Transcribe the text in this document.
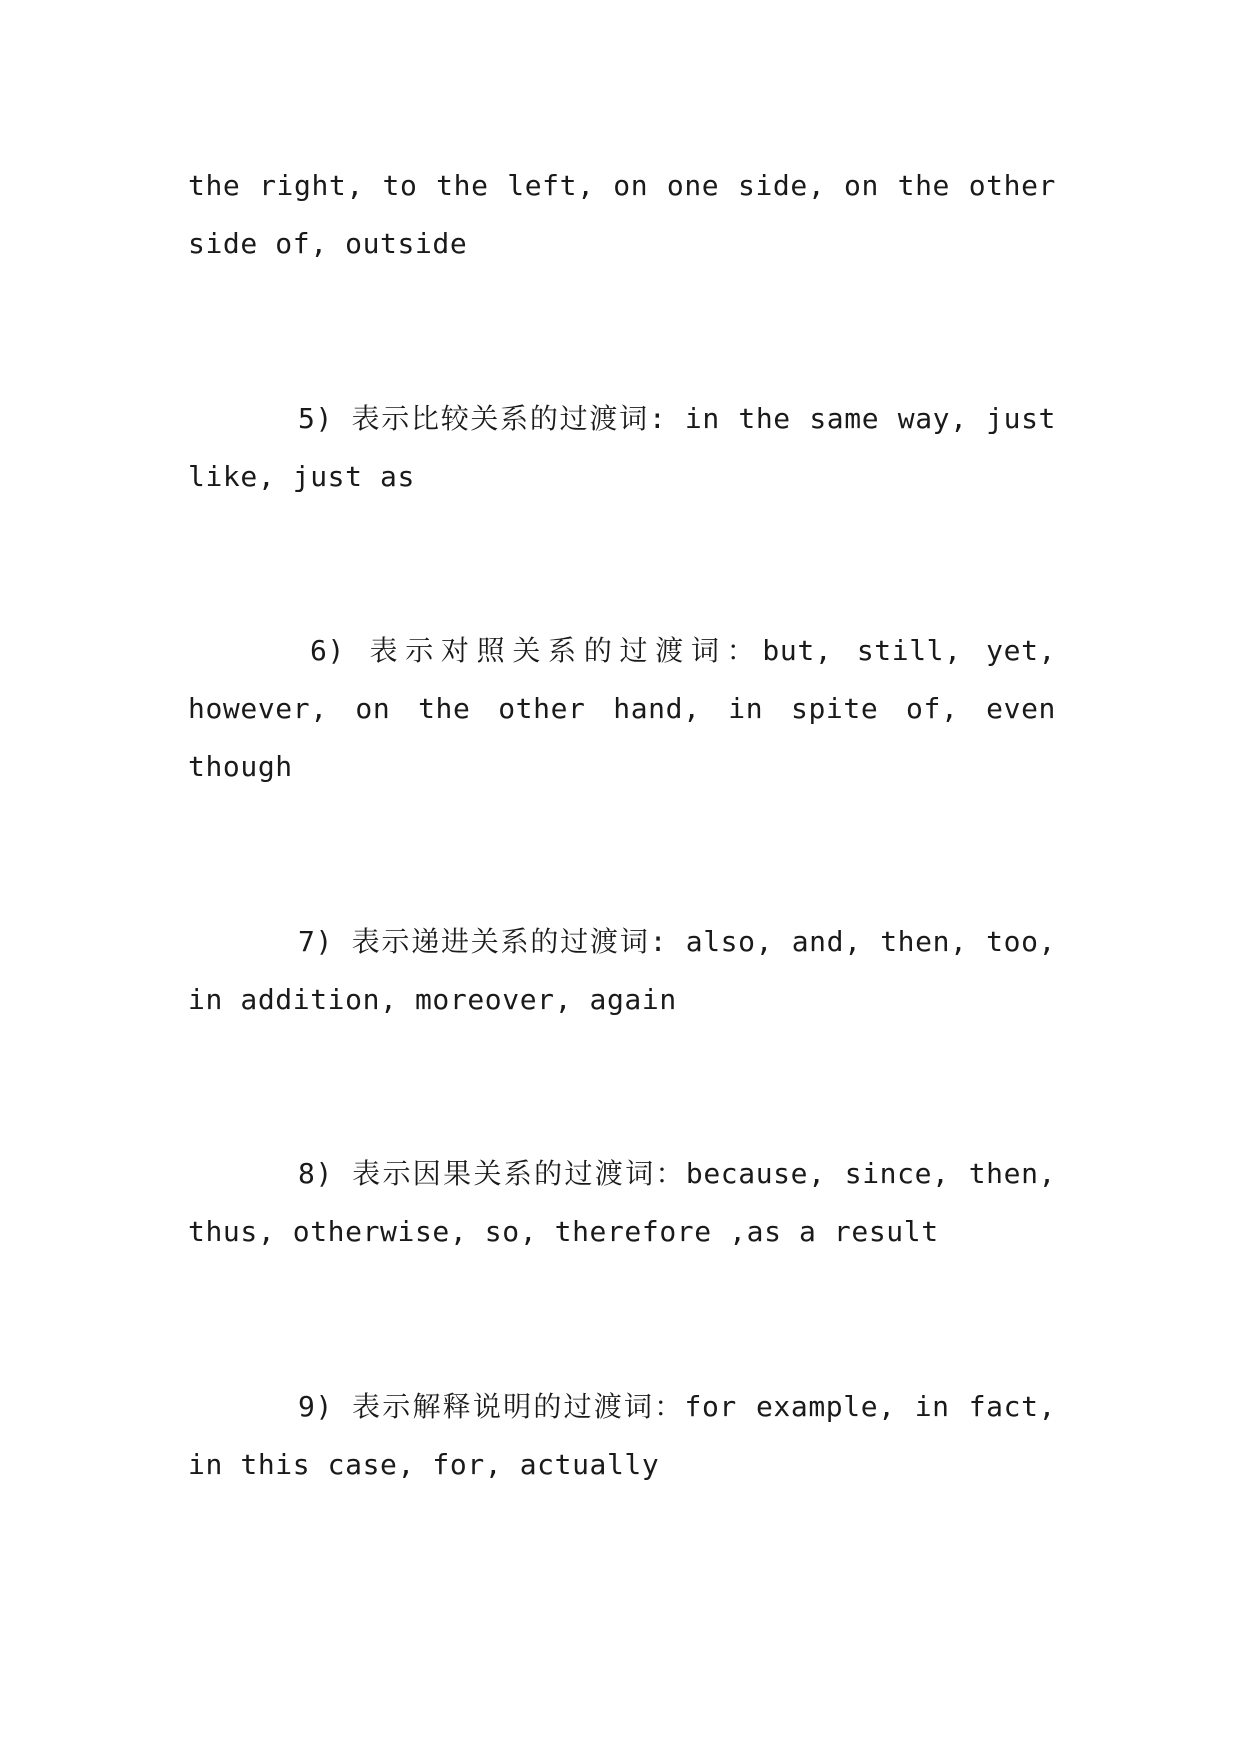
the right, to the left, on one side, on the other
side of, outside
5) 表示比较关系的过渡词: in the same way, just
like, just as
6) 表示对照关系的过渡词：but, still, yet,
however, on the other hand, in spite of, even
though
7) 表示递进关系的过渡词: also, and, then, too,
in addition, moreover, again
8) 表示因果关系的过渡词：because, since, then,
thus, otherwise, so, therefore ,as a result
9) 表示解释说明的过渡词：for example, in fact,
in this case, for, actually
